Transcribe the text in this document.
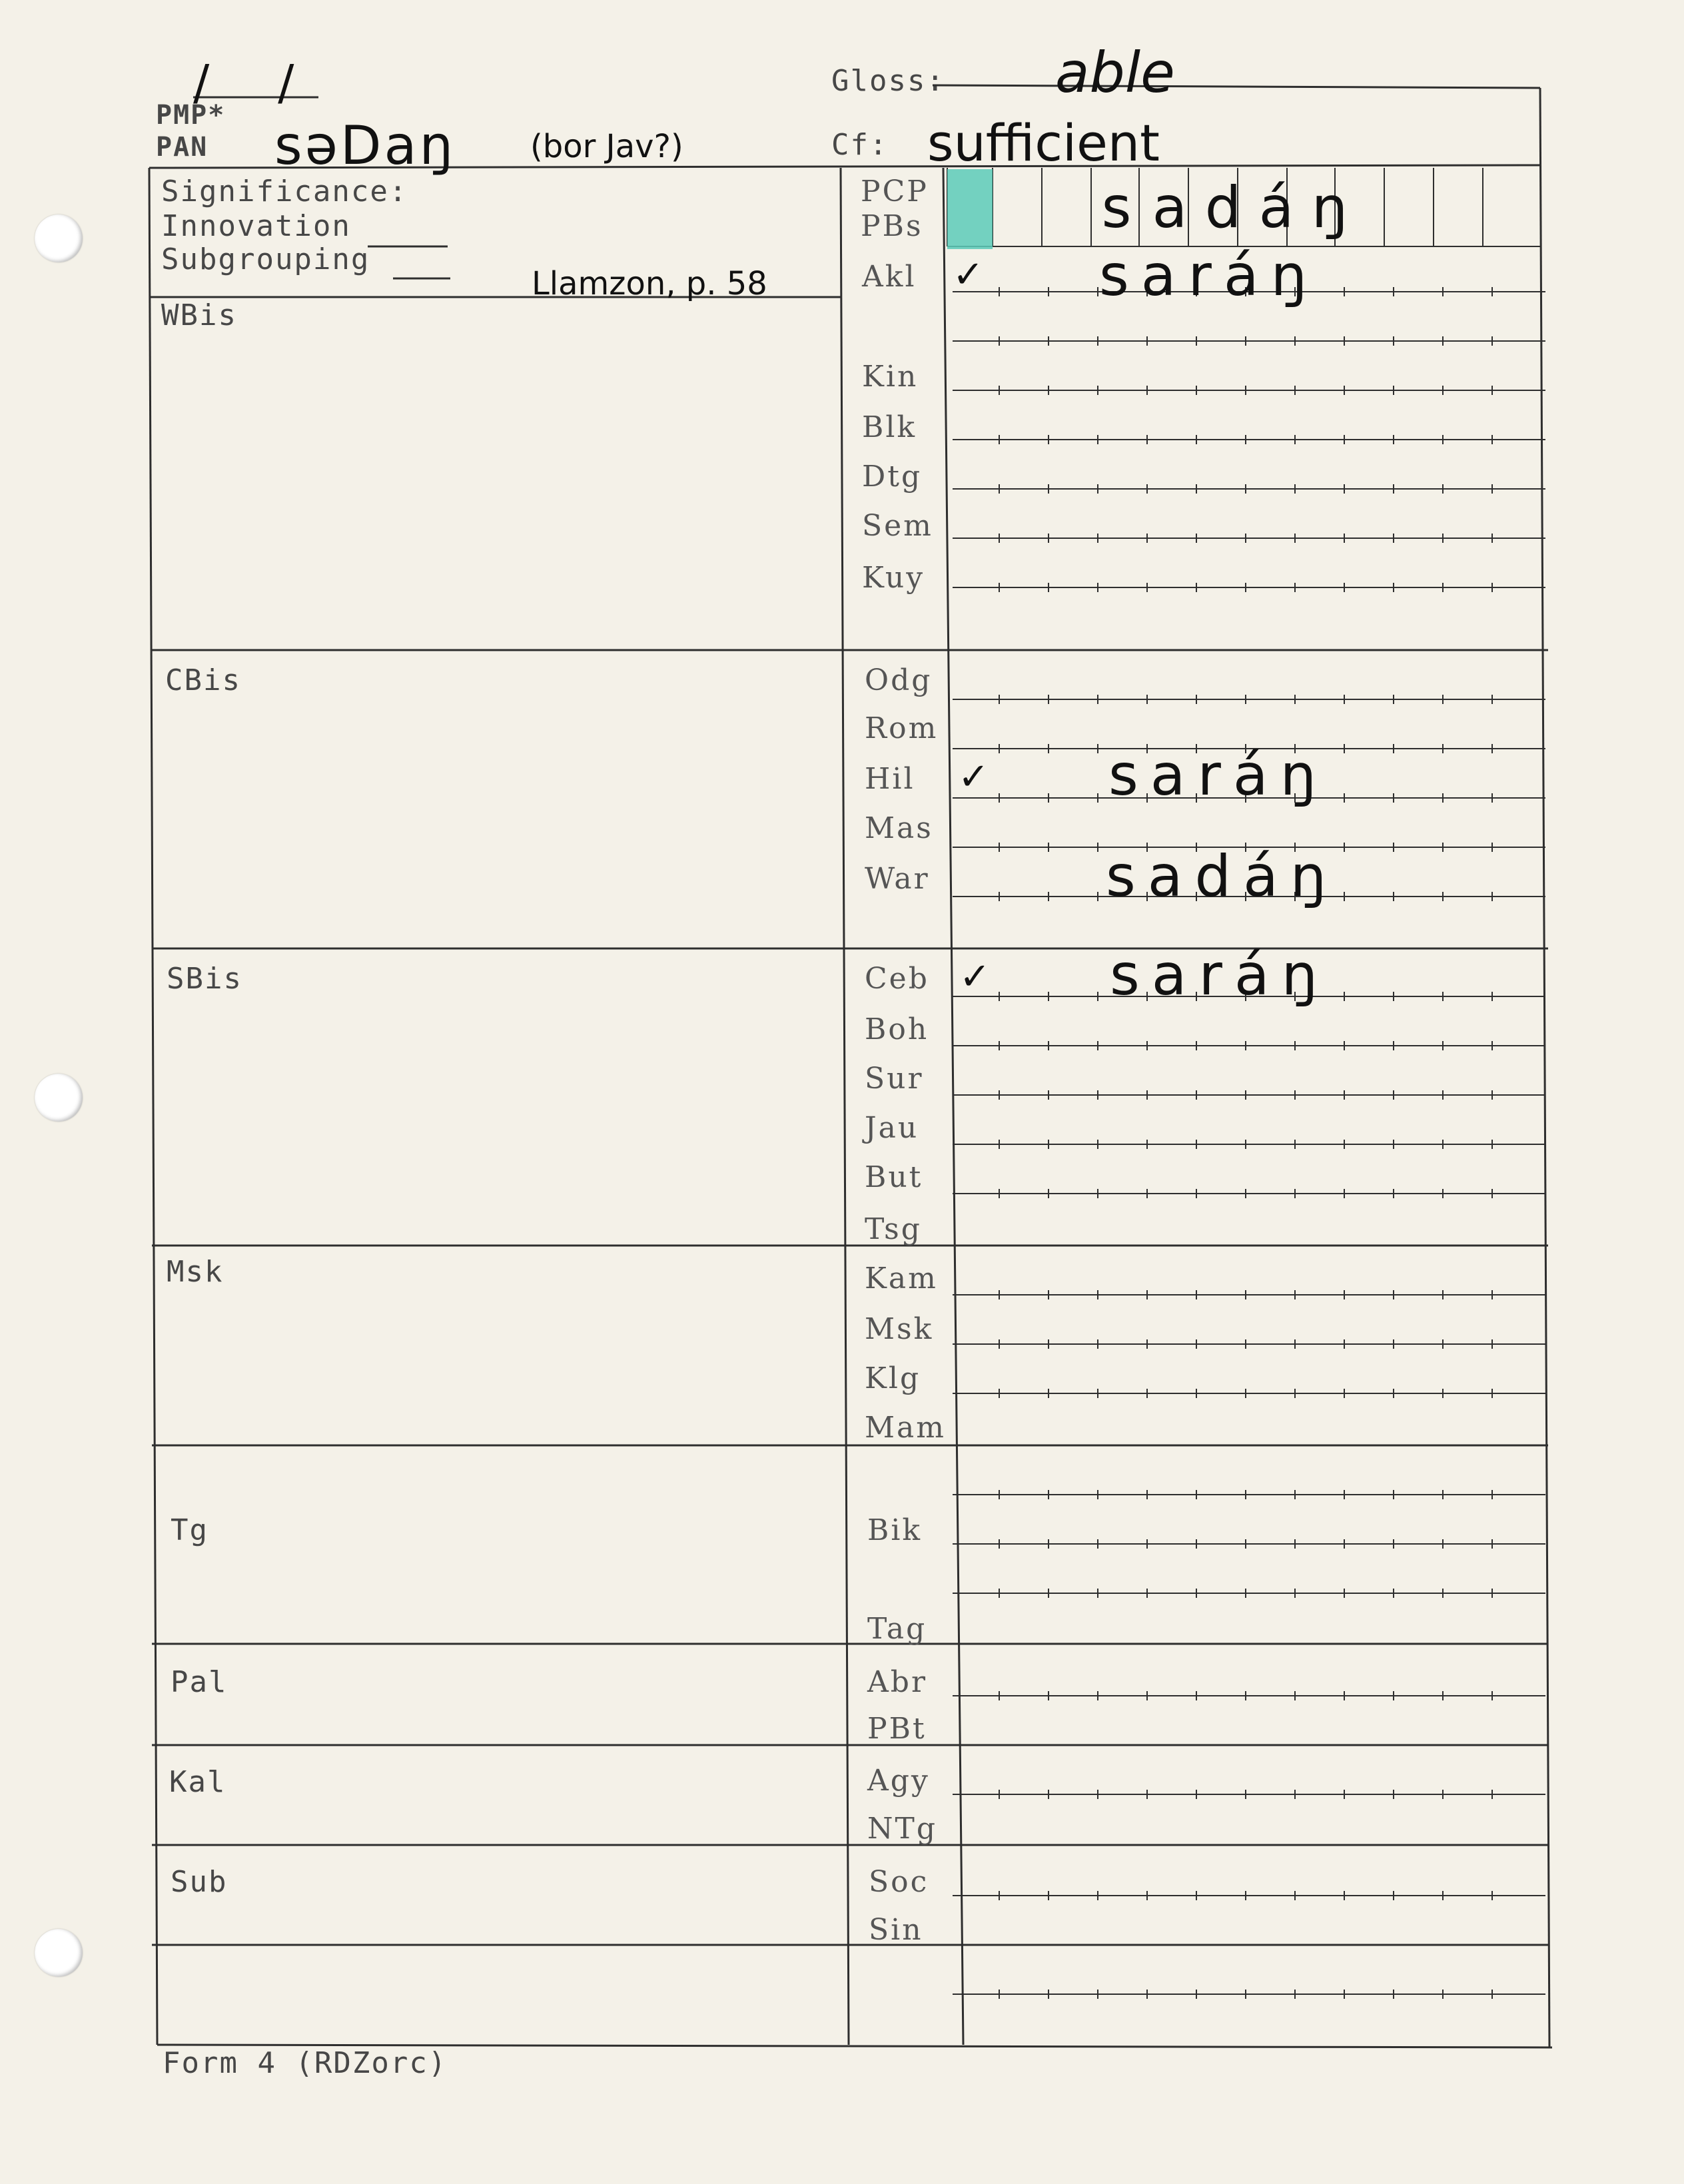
/ /
PMP*
PAN səDaŋ (bor Jav?)
Gloss: able
Cf: sufficient
Significance:
Innovation
Subgrouping
Llamzon, p. 58
WBis
CBis
SBis
Msk
Tg
Pal
Kal
Sub
PCP
PBs
Akl
Kin
Blk
Dtg
Sem
Kuy
Odg
Rom
Hil
Mas
War
Ceb
Boh
Sur
Jau
But
Tsg
Kam
Msk
Klg
Mam
Bik
Tag
Abr
PBt
Agy
NTg
Soc
Sin
s a d á ŋ
✓ saráŋ
✓ saráŋ
sadáŋ
✓ saráŋ
Form 4 (RDZorc)
